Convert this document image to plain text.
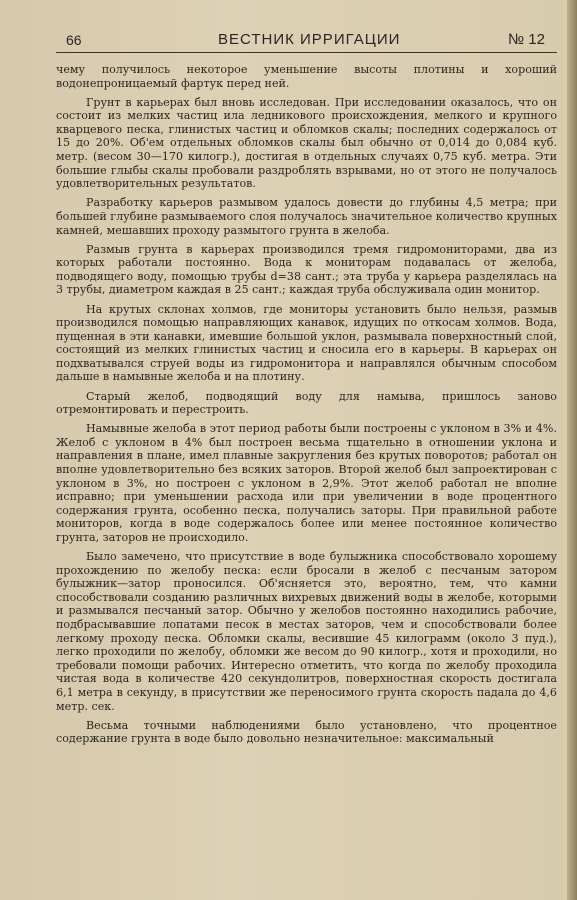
66	ВЕСТНИК ИРРИГАЦИИ	№ 12

чему получилось некоторое уменьшение высоты плотины и хороший водонепроницаемый фартук перед ней.

Грунт в карьерах был вновь исследован. При исследовании оказалось, что он состоит из мелких частиц ила ледникового происхождения, мелкого и крупного кварцевого песка, глинистых частиц и обломков скалы; последних содержалось от 15 до 20%. Об'ем отдельных обломков скалы был обычно от 0,014 до 0,084 куб. метр. (весом 30—170 килогр.), достигая в отдельных случаях 0,75 куб. метра. Эти большие глыбы скалы пробовали раздроблять взрывами, но от этого не получалось удовлетворительных результатов.

Разработку карьеров размывом удалось довести до глубины 4,5 метра; при большей глубине размываемого слоя получалось значительное количество крупных камней, мешавших проходу размытого грунта в желоба.

Размыв грунта в карьерах производился тремя гидромониторами, два из которых работали постоянно. Вода к мониторам подавалась от желоба, подводящего воду, помощью трубы d=38 сант.; эта труба у карьера разделялась на 3 трубы, диаметром каждая в 25 сант.; каждая труба обслуживала один монитор.

На крутых склонах холмов, где мониторы установить было нельзя, размыв производился помощью направляющих канавок, идущих по откосам холмов. Вода, пущенная в эти канавки, имевшие большой уклон, размывала поверхностный слой, состоящий из мелких глинистых частиц и сносила его в карьеры. В карьерах он подхватывался струей воды из гидромонитора и направлялся обычным способом дальше в намывные желоба и на плотину.

Старый желоб, подводящий воду для намыва, пришлось заново отремонтировать и перестроить.

Намывные желоба в этот период работы были построены с уклоном в 3% и 4%. Желоб с уклоном в 4% был построен весьма тщательно в отношении уклона и направления в плане, имел плавные закругления без крутых поворотов; работал он вполне удовлетворительно без всяких заторов. Второй желоб был запроектирован с уклоном в 3%, но построен с уклоном в 2,9%. Этот желоб работал не вполне исправно; при уменьшении расхода или при увеличении в воде процентного содержания грунта, особенно песка, получались заторы. При правильной работе мониторов, когда в воде содержалось более или менее постоянное количество грунта, заторов не происходило.

Было замечено, что присутствие в воде булыжника способствовало хорошему прохождению по желобу песка: если бросали в желоб с песчаным затором булыжник—затор проносился. Об'ясняется это, вероятно, тем, что камни способствовали созданию различных вихревых движений воды в желобе, которыми и размывался песчаный затор. Обычно у желобов постоянно находились рабочие, подбрасывавшие лопатами песок в местах заторов, чем и способствовали более легкому проходу песка. Обломки скалы, весившие 45 килограмм (около 3 пуд.), легко проходили по желобу, обломки же весом до 90 килогр., хотя и проходили, но требовали помощи рабочих. Интересно отметить, что когда по желобу проходила чистая вода в количестве 420 секундолитров, поверхностная скорость достигала 6,1 метра в секунду, в присутствии же переносимого грунта скорость падала до 4,6 метр. сек.

Весьма точными наблюдениями было установлено, что процентное содержание грунта в воде было довольно незначительное: максимальный
